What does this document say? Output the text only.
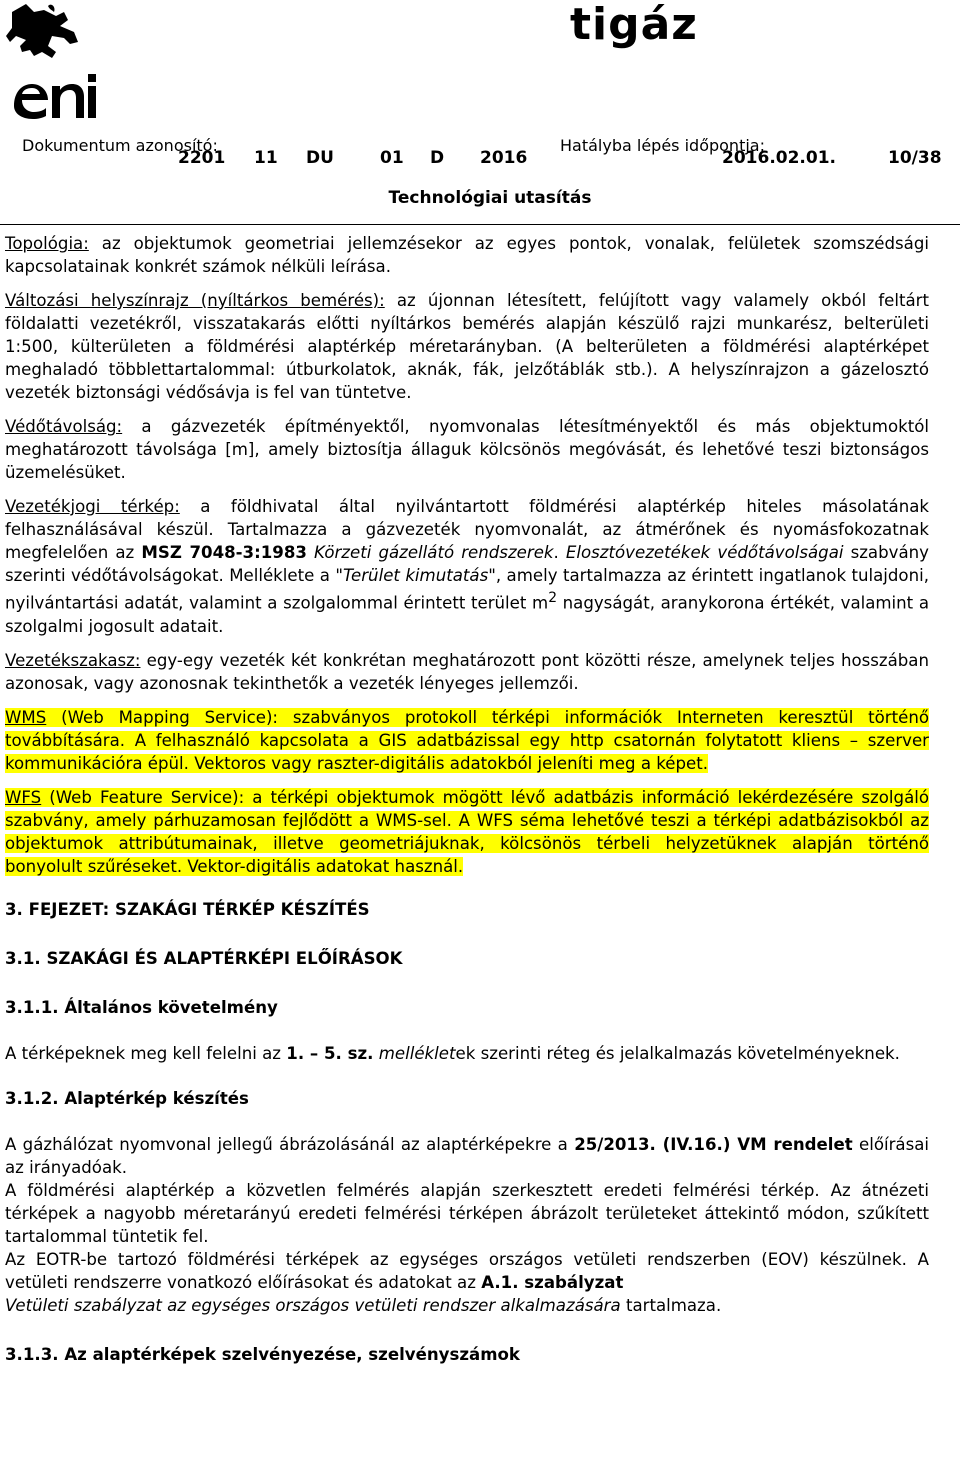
tigáz
Dokumentum azonosító:
2201 11 DU	01 D 2016
Hatályba lépés időpontja:
2016.02.01.	10/38
Technológiai utasítás

Topológia: az objektumok geometriai jellemzésekor az egyes pontok, vonalak, felületek szomszédsági kapcsolatainak konkrét számok nélküli leírása.

Változási helyszínrajz (nyíltárkos bemérés): az újonnan létesített, felújított vagy valamely okból feltárt földalatti vezetékről, visszatakarás előtti nyíltárkos bemérés alapján készülő rajzi munkarész, belterületi 1:500, külterületen a földmérési alaptérkép méretarányban. (A belterületen a földmérési alaptérképet meghaladó többlettartalommal: útburkolatok, aknák, fák, jelzőtáblák stb.). A helyszínrajzon a gázelosztó vezeték biztonsági védősávja is fel van tüntetve.

Védőtávolság: a gázvezeték építményektől, nyomvonalas létesítményektől és más objektumoktól meghatározott távolsága [m], amely biztosítja állaguk kölcsönös megóvását, és lehetővé teszi biztonságos üzemelésüket.

Vezetékjogi térkép: a földhivatal által nyilvántartott földmérési alaptérkép hiteles másolatának felhasználásával készül. Tartalmazza a gázvezeték nyomvonalát, az átmérőnek és nyomásfokozatnak megfelelően az MSZ 7048-3:1983 Körzeti gázellátó rendszerek. Elosztóvezetékek védőtávolságai szabvány szerinti védőtávolságokat. Melléklete a "Terület kimutatás", amely tartalmazza az érintett ingatlanok tulajdoni, nyilvántartási adatát, valamint a szolgalommal érintett terület $m^2$ nagyságát, aranykorona értékét, valamint a szolgalmi jogosult adatait.

Vezetékszakasz: egy-egy vezeték két konkrétan meghatározott pont közötti része, amelynek teljes hosszában azonosak, vagy azonosnak tekinthetők a vezeték lényeges jellemzői.

WMS (Web Mapping Service): szabványos protokoll térképi információk Interneten keresztül történő továbbítására. A felhasználó kapcsolata a GIS adatbázissal egy http csatornán folytatott kliens – szerver kommunikációra épül. Vektoros vagy raszter-digitális adatokból jeleníti meg a képet.

WFS (Web Feature Service): a térképi objektumok mögött lévő adatbázis információ lekérdezésére szolgáló szabvány, amely párhuzamosan fejlődött a WMS-sel. A WFS séma lehetővé teszi a térképi adatbázisokból az objektumok attribútumainak, illetve geometriájuknak, kölcsönös térbeli helyzetüknek alapján történő bonyolult szűréseket. Vektor-digitális adatokat használ.

3. FEJEZET: SZAKÁGI TÉRKÉP KÉSZÍTÉS
3.1. SZAKÁGI ÉS ALAPTÉRKÉPI ELŐÍRÁSOK
3.1.1. Általános követelmény

A térképeknek meg kell felelni az 1. – 5. sz. mellékletek szerinti réteg és jelalkalmazás követelményeknek.

3.1.2. Alaptérkép készítés

A gázhálózat nyomvonal jellegű ábrázolásánál az alaptérképekre a 25/2013. (IV.16.) VM rendelet előírásai az irányadóak.

A földmérési alaptérkép a közvetlen felmérés alapján szerkesztett eredeti felmérési térkép. Az átnézeti térképek a nagyobb méretarányú eredeti felmérési térképen ábrázolt területeket áttekintő módon, szűkített tartalommal tüntetik fel.

Az EOTR-be tartozó földmérési térképek az egységes országos vetületi rendszerben (EOV) készülnek. A vetületi rendszerre vonatkozó előírásokat és adatokat az A.1. szabályzat
Vetületi szabályzat az egységes országos vetületi rendszer alkalmazására tartalmaza.

3.1.3. Az alaptérképek szelvényezése, szelvényszámok
